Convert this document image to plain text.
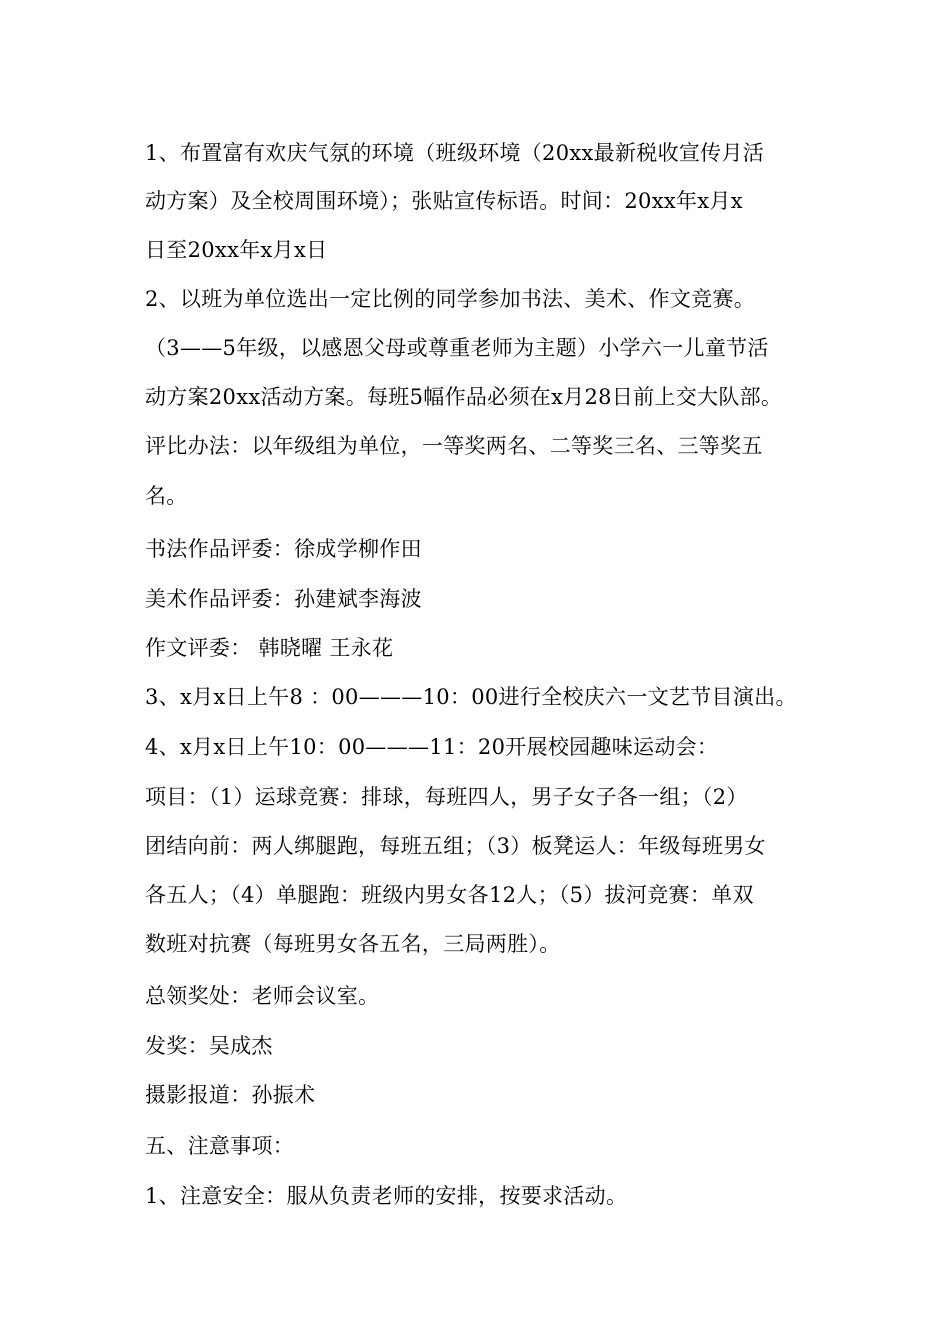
1、布置富有欢庆气氛的环境（班级环境（20xx最新税收宣传月活
动方案）及全校周围环境）；张贴宣传标语。时间：20xx年x月x
日至20xx年x月x日
2、以班为单位选出一定比例的同学参加书法、美术、作文竞赛。
（3——5年级，以感恩父母或尊重老师为主题）小学六一儿童节活
动方案20xx活动方案。每班5幅作品必须在x月28日前上交大队部。
评比办法：以年级组为单位，一等奖两名、二等奖三名、三等奖五
名。
书法作品评委：徐成学柳作田
美术作品评委：孙建斌李海波
作文评委： 韩晓曜 王永花
3、x月x日上午8 ：00———10：00进行全校庆六一文艺节目演出。
4、x月x日上午10：00———11：20开展校园趣味运动会：
项目：（1）运球竞赛：排球，每班四人，男子女子各一组；（2）
团结向前：两人绑腿跑，每班五组；（3）板凳运人：年级每班男女
各五人；（4）单腿跑：班级内男女各12人；（5）拔河竞赛：单双
数班对抗赛（每班男女各五名，三局两胜）。
总领奖处：老师会议室。
发奖：吴成杰
摄影报道：孙振术
五、注意事项：
1、注意安全：服从负责老师的安排，按要求活动。
